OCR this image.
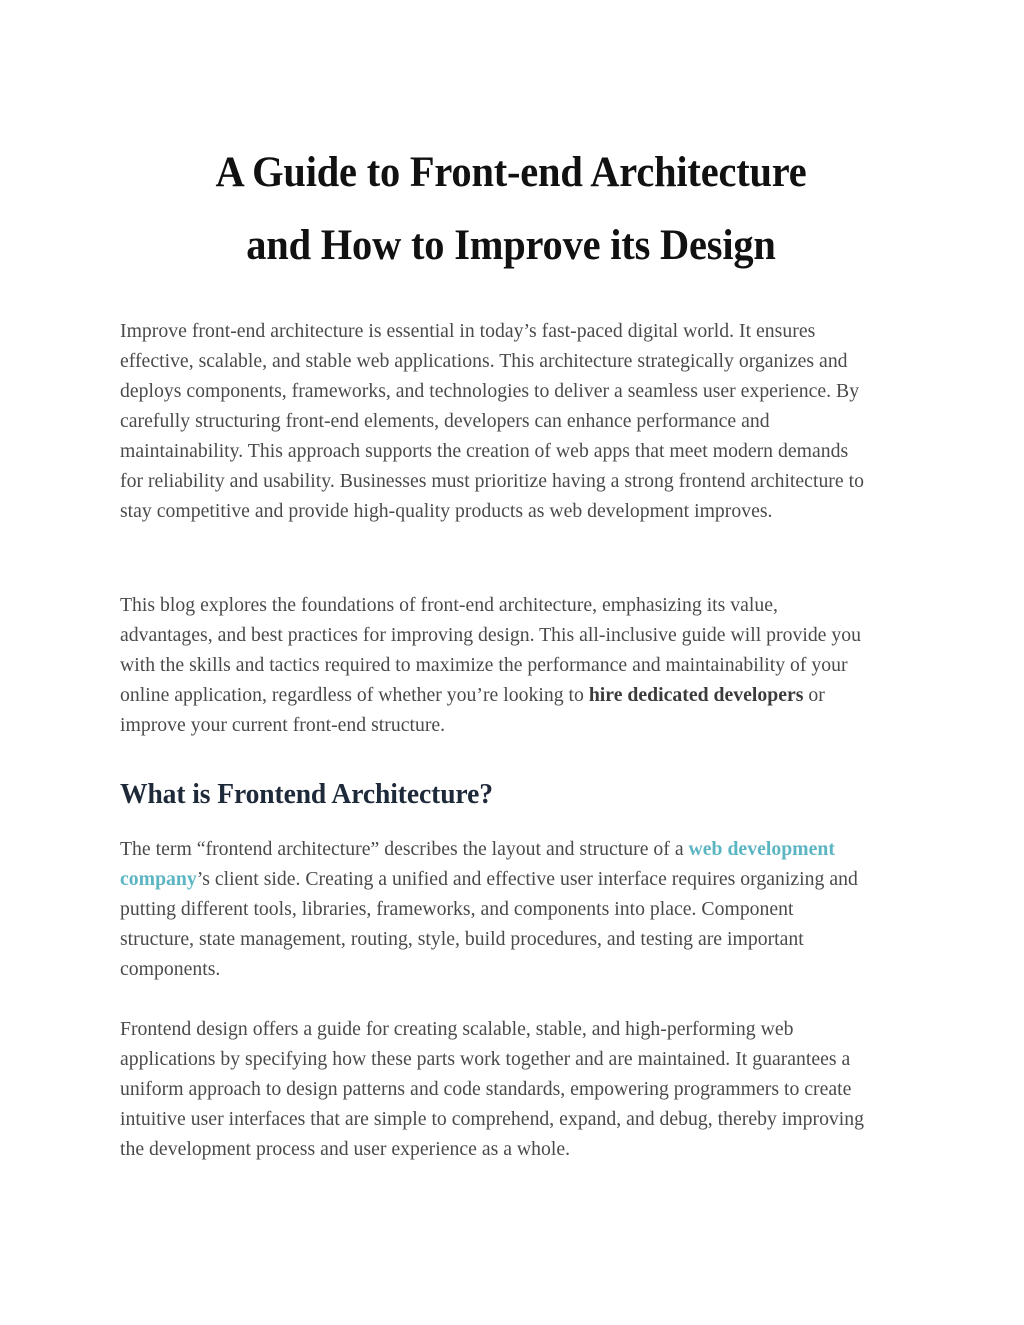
A Guide to Front-end Architecture
and How to Improve its Design

Improve front-end architecture is essential in today’s fast-paced digital world. It ensures effective, scalable, and stable web applications. This architecture strategically organizes and deploys components, frameworks, and technologies to deliver a seamless user experience. By carefully structuring front-end elements, developers can enhance performance and maintainability. This approach supports the creation of web apps that meet modern demands for reliability and usability. Businesses must prioritize having a strong frontend architecture to stay competitive and provide high-quality products as web development improves.

This blog explores the foundations of front-end architecture, emphasizing its value, advantages, and best practices for improving design. This all-inclusive guide will provide you with the skills and tactics required to maximize the performance and maintainability of your online application, regardless of whether you’re looking to hire dedicated developers or improve your current front-end structure.

What is Frontend Architecture?

The term “frontend architecture” describes the layout and structure of a web development company’s client side. Creating a unified and effective user interface requires organizing and putting different tools, libraries, frameworks, and components into place. Component structure, state management, routing, style, build procedures, and testing are important components.

Frontend design offers a guide for creating scalable, stable, and high-performing web applications by specifying how these parts work together and are maintained. It guarantees a uniform approach to design patterns and code standards, empowering programmers to create intuitive user interfaces that are simple to comprehend, expand, and debug, thereby improving the development process and user experience as a whole.
